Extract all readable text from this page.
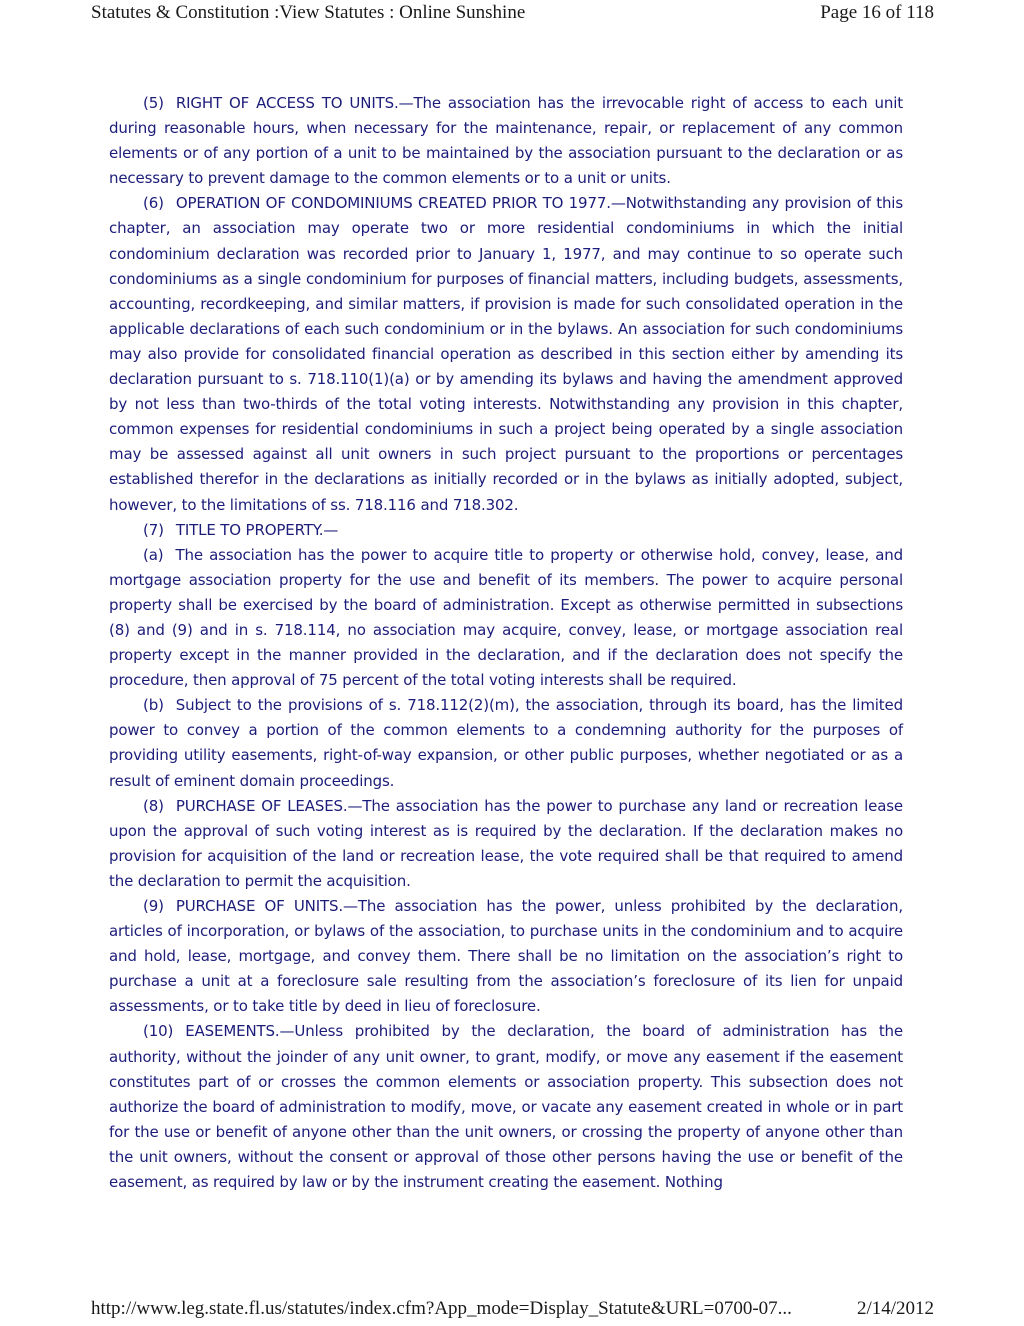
Statutes & Constitution :View Statutes : Online Sunshine	Page 16 of 118

(5) RIGHT OF ACCESS TO UNITS.—The association has the irrevocable right of access to each unit during reasonable hours, when necessary for the maintenance, repair, or replacement of any common elements or of any portion of a unit to be maintained by the association pursuant to the declaration or as necessary to prevent damage to the common elements or to a unit or units.

(6) OPERATION OF CONDOMINIUMS CREATED PRIOR TO 1977.—Notwithstanding any provision of this chapter, an association may operate two or more residential condominiums in which the initial condominium declaration was recorded prior to January 1, 1977, and may continue to so operate such condominiums as a single condominium for purposes of financial matters, including budgets, assessments, accounting, recordkeeping, and similar matters, if provision is made for such consolidated operation in the applicable declarations of each such condominium or in the bylaws. An association for such condominiums may also provide for consolidated financial operation as described in this section either by amending its declaration pursuant to s. 718.110(1)(a) or by amending its bylaws and having the amendment approved by not less than two-thirds of the total voting interests. Notwithstanding any provision in this chapter, common expenses for residential condominiums in such a project being operated by a single association may be assessed against all unit owners in such project pursuant to the proportions or percentages established therefor in the declarations as initially recorded or in the bylaws as initially adopted, subject, however, to the limitations of ss. 718.116 and 718.302.

(7) TITLE TO PROPERTY.—

(a) The association has the power to acquire title to property or otherwise hold, convey, lease, and mortgage association property for the use and benefit of its members. The power to acquire personal property shall be exercised by the board of administration. Except as otherwise permitted in subsections (8) and (9) and in s. 718.114, no association may acquire, convey, lease, or mortgage association real property except in the manner provided in the declaration, and if the declaration does not specify the procedure, then approval of 75 percent of the total voting interests shall be required.

(b) Subject to the provisions of s. 718.112(2)(m), the association, through its board, has the limited power to convey a portion of the common elements to a condemning authority for the purposes of providing utility easements, right-of-way expansion, or other public purposes, whether negotiated or as a result of eminent domain proceedings.

(8) PURCHASE OF LEASES.—The association has the power to purchase any land or recreation lease upon the approval of such voting interest as is required by the declaration. If the declaration makes no provision for acquisition of the land or recreation lease, the vote required shall be that required to amend the declaration to permit the acquisition.

(9) PURCHASE OF UNITS.—The association has the power, unless prohibited by the declaration, articles of incorporation, or bylaws of the association, to purchase units in the condominium and to acquire and hold, lease, mortgage, and convey them. There shall be no limitation on the association’s right to purchase a unit at a foreclosure sale resulting from the association’s foreclosure of its lien for unpaid assessments, or to take title by deed in lieu of foreclosure.

(10) EASEMENTS.—Unless prohibited by the declaration, the board of administration has the authority, without the joinder of any unit owner, to grant, modify, or move any easement if the easement constitutes part of or crosses the common elements or association property. This subsection does not authorize the board of administration to modify, move, or vacate any easement created in whole or in part for the use or benefit of anyone other than the unit owners, or crossing the property of anyone other than the unit owners, without the consent or approval of those other persons having the use or benefit of the easement, as required by law or by the instrument creating the easement. Nothing

http://www.leg.state.fl.us/statutes/index.cfm?App_mode=Display_Statute&URL=0700-07...	2/14/2012
